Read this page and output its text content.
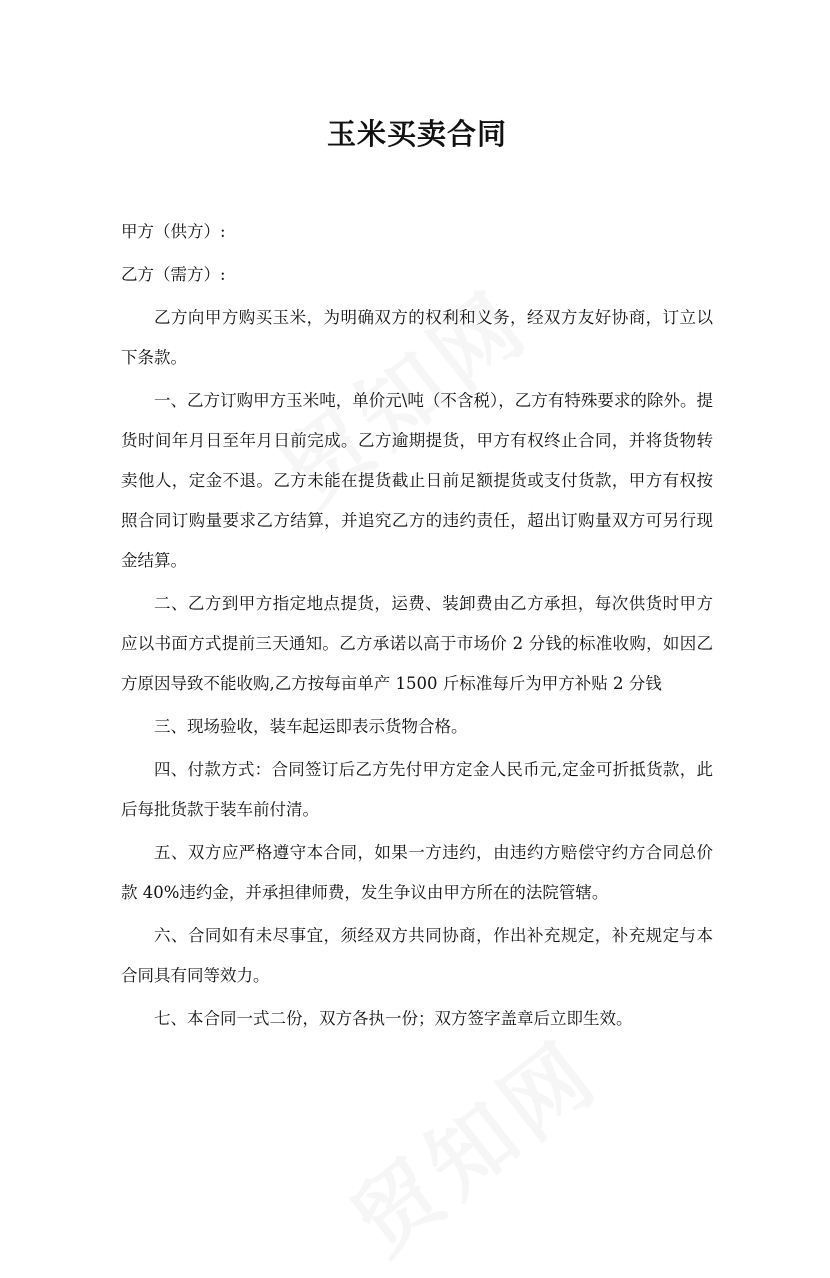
玉米买卖合同

甲方（供方）:

乙方（需方）:

乙方向甲方购买玉米，为明确双方的权利和义务，经双方友好协商，订立以下条款。

一、乙方订购甲方玉米吨，单价元\吨（不含税），乙方有特殊要求的除外。提货时间年月日至年月日前完成。乙方逾期提货，甲方有权终止合同，并将货物转卖他人，定金不退。乙方未能在提货截止日前足额提货或支付货款，甲方有权按照合同订购量要求乙方结算，并追究乙方的违约责任，超出订购量双方可另行现金结算。

二、乙方到甲方指定地点提货，运费、装卸费由乙方承担，每次供货时甲方应以书面方式提前三天通知。乙方承诺以高于市场价 2 分钱的标准收购，如因乙方原因导致不能收购,乙方按每亩单产 1500 斤标准每斤为甲方补贴 2 分钱

三、现场验收，装车起运即表示货物合格。

四、付款方式：合同签订后乙方先付甲方定金人民币元,定金可折抵货款，此后每批货款于装车前付清。

五、双方应严格遵守本合同，如果一方违约，由违约方赔偿守约方合同总价款 40%违约金，并承担律师费，发生争议由甲方所在的法院管辖。

六、合同如有未尽事宜，须经双方共同协商，作出补充规定，补充规定与本合同具有同等效力。

七、本合同一式二份，双方各执一份；双方签字盖章后立即生效。
